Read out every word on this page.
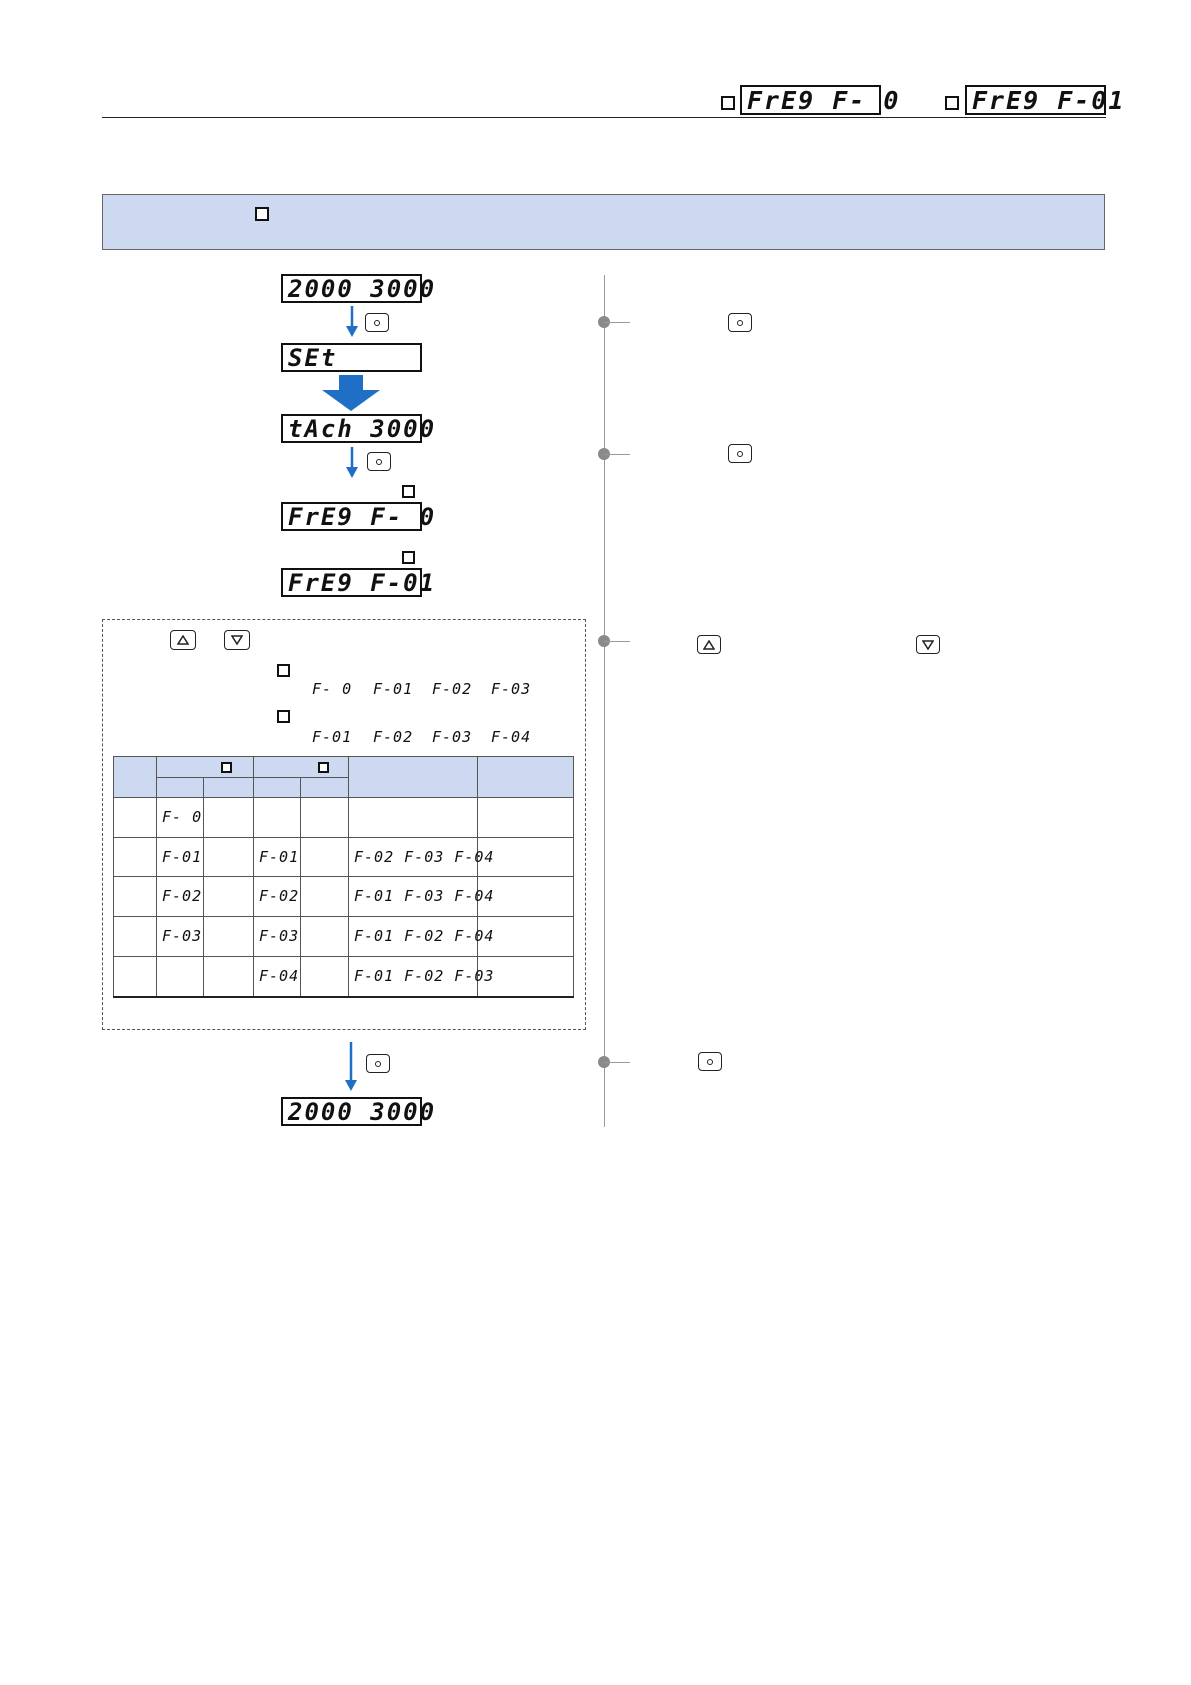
FrE9 F- 0	FrE9 F-01
2000 3000
SEt
tAch 3000
FrE9 F- 0
FrE9 F-01
F- 0 F-01 F-02 F-03
F-01 F-02 F-03 F-04

	F- 0					
	F-01		F-01		F-02 F-03 F-04	
	F-02		F-02		F-01 F-03 F-04	
	F-03		F-03		F-01 F-02 F-04	
			F-04		F-01 F-02 F-03	
2000 3000
